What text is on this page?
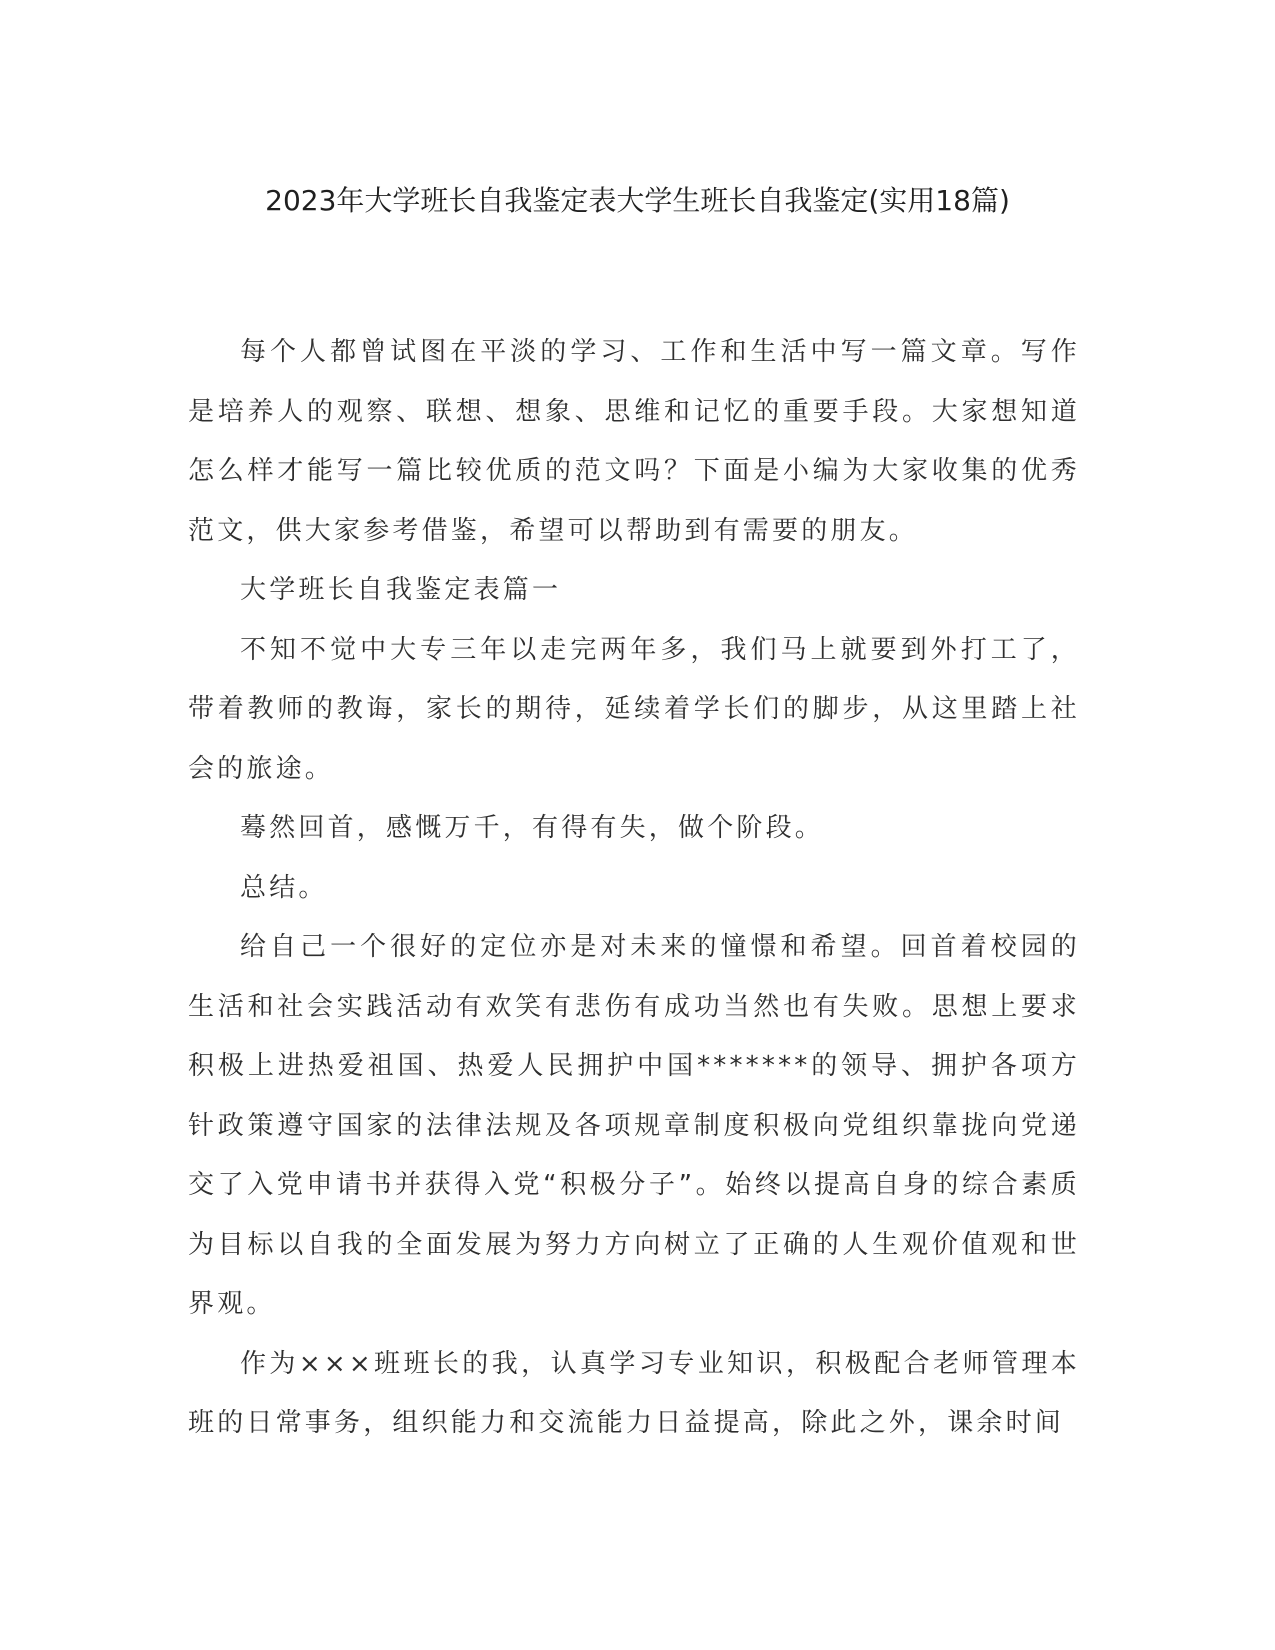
2023年大学班长自我鉴定表大学生班长自我鉴定(实用18篇)

每个人都曾试图在平淡的学习、工作和生活中写一篇文章。写作是培养人的观察、联想、想象、思维和记忆的重要手段。大家想知道怎么样才能写一篇比较优质的范文吗？下面是小编为大家收集的优秀范文，供大家参考借鉴，希望可以帮助到有需要的朋友。

大学班长自我鉴定表篇一

不知不觉中大专三年以走完两年多，我们马上就要到外打工了，带着教师的教诲，家长的期待，延续着学长们的脚步，从这里踏上社会的旅途。

蓦然回首，感慨万千，有得有失，做个阶段。

总结。

给自己一个很好的定位亦是对未来的憧憬和希望。回首着校园的生活和社会实践活动有欢笑有悲伤有成功当然也有失败。思想上要求积极上进热爱祖国、热爱人民拥护中国*******的领导、拥护各项方针政策遵守国家的法律法规及各项规章制度积极向党组织靠拢向党递交了入党申请书并获得入党“积极分子”。始终以提高自身的综合素质为目标以自我的全面发展为努力方向树立了正确的人生观价值观和世界观。

作为×××班班长的我，认真学习专业知识，积极配合老师管理本班的日常事务，组织能力和交流能力日益提高，除此之外，课余时间
